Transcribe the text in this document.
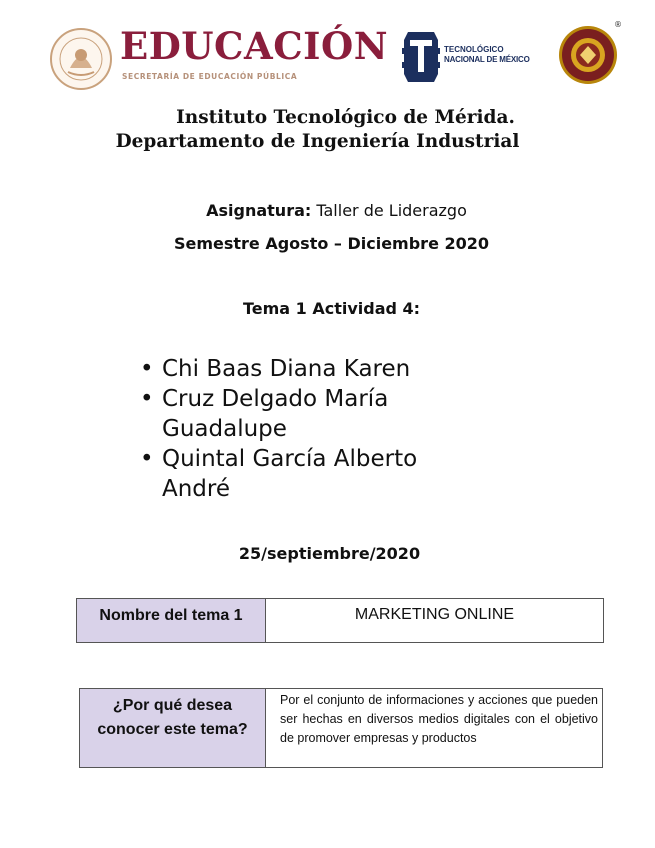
EDUCACIÓN
SECRETARÍA DE EDUCACIÓN PÚBLICA
TECNOLÓGICO
NACIONAL DE MÉXICO
®
Instituto Tecnológico de Mérida.
Departamento de Ingeniería Industrial
Asignatura: Taller de Liderazgo
Semestre Agosto – Diciembre 2020
Tema 1 Actividad 4:
• Chi Baas Diana Karen
• Cruz Delgado María Guadalupe
• Quintal García Alberto André
25/septiembre/2020
Nombre del tema 1	MARKETING ONLINE
¿Por qué desea conocer este tema?	Por el conjunto de informaciones y acciones que pueden ser hechas en diversos medios digitales con el objetivo de promover empresas y productos
